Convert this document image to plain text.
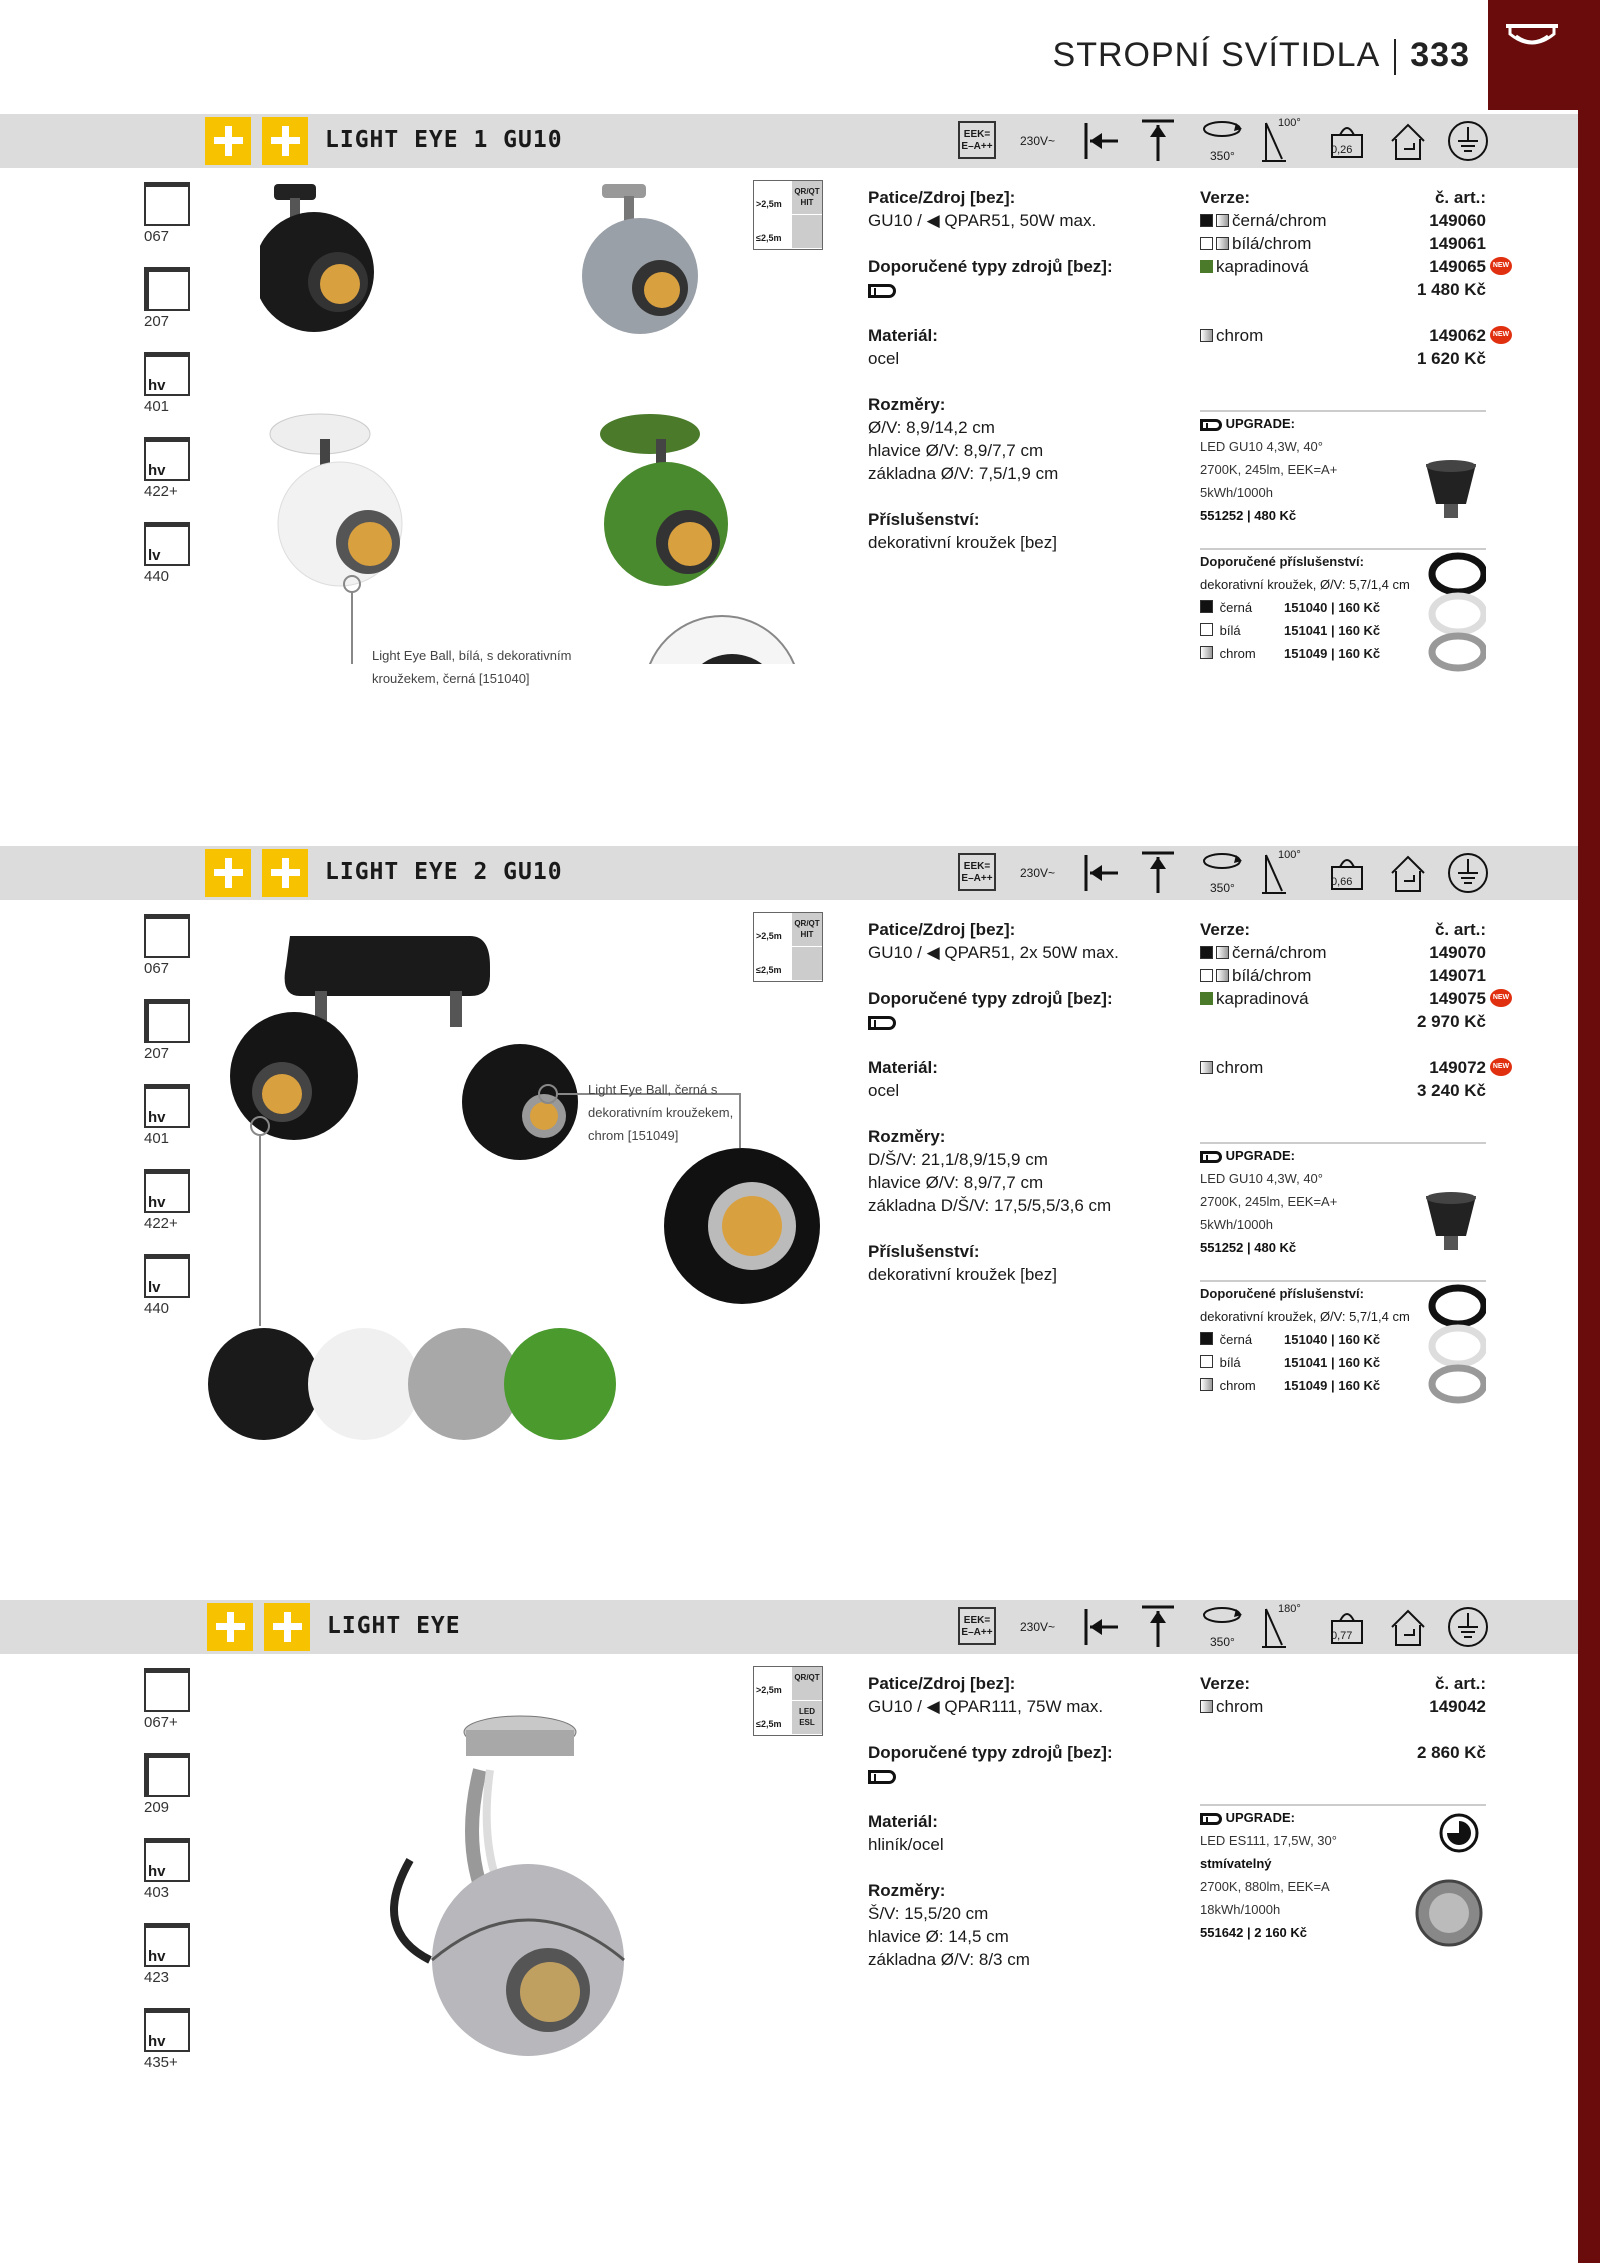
STROPNÍ SVÍTIDLA 333
LIGHT EYE 1 GU10	EEK= E–A++ 230V~
350°
100°
0,26
067
207
hv
401
hv
422+
lv
440
Light Eye Ball, bílá, s dekorativním kroužekem, černá [151040]
QR/QT HIT
>2,5m
≤2,5m
Patice/Zdroj [bez]:
GU10 / ◀ QPAR51, 50W max.
Doporučené typy zdrojů [bez]:
Materiál:
ocel
Rozměry:
Ø/V: 8,9/14,2 cm
hlavice Ø/V: 8,9/7,7 cm
základna Ø/V: 7,5/1,9 cm
Příslušenství:
dekorativní kroužek [bez]
Verze:	č. art.:
černá/chrom	149060
bílá/chrom	149061
kapradinová	149065 NEW
1 480 Kč
chrom	149062 NEW
1 620 Kč
UPGRADE:
LED GU10 4,3W, 40°
2700K, 245lm, EEK=A+
5kWh/1000h
551252 | 480 Kč
Doporučené příslušenství:
dekorativní kroužek, Ø/V: 5,7/1,4 cm
černá 151040 | 160 Kč
bílá	151041 | 160 Kč
chrom 151049 | 160 Kč
LIGHT EYE 2 GU10	EEK= E–A++ 230V~
350°
100°
0,66
067
207
hv
401
hv
422+
lv
440
Light Eye Ball, černá s dekorativním kroužekem, chrom [151049]
QR/QT HIT
>2,5m
≤2,5m
Patice/Zdroj [bez]:
GU10 / ◀ QPAR51, 2x 50W max.
Doporučené typy zdrojů [bez]:
Materiál:
ocel
Rozměry:
D/Š/V: 21,1/8,9/15,9 cm
hlavice Ø/V: 8,9/7,7 cm
základna D/Š/V: 17,5/5,5/3,6 cm
Příslušenství:
dekorativní kroužek [bez]
Verze:	č. art.:
černá/chrom	149070
bílá/chrom	149071
kapradinová	149075 NEW
2 970 Kč
chrom	149072 NEW
3 240 Kč
UPGRADE:
LED GU10 4,3W, 40°
2700K, 245lm, EEK=A+
5kWh/1000h
551252 | 480 Kč
Doporučené příslušenství:
dekorativní kroužek, Ø/V: 5,7/1,4 cm
černá 151040 | 160 Kč
bílá	151041 | 160 Kč
chrom 151049 | 160 Kč
LIGHT EYE	EEK= E–A++ 230V~
350°
180°
0,77
067+
209
hv
403
hv
423
hv
435+
QR/QT
LED ESL
>2,5m
≤2,5m
Patice/Zdroj [bez]:
GU10 / ◀ QPAR111, 75W max.
Doporučené typy zdrojů [bez]:
Materiál:
hliník/ocel
Rozměry:
Š/V: 15,5/20 cm
hlavice Ø: 14,5 cm
základna Ø/V: 8/3 cm
Verze:	č. art.:
chrom	149042
2 860 Kč
UPGRADE:
LED ES111, 17,5W, 30°
stmívatelný
2700K, 880lm, EEK=A
18kWh/1000h
551642 | 2 160 Kč
